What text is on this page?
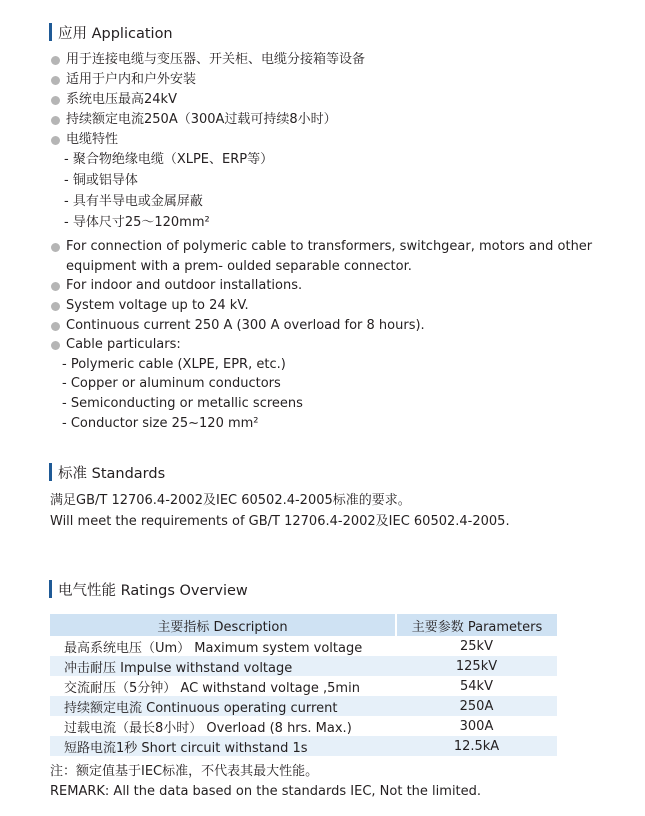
应用 Application
用于连接电缆与变压器、开关柜、电缆分接箱等设备
适用于户内和户外安装
系统电压最高24kV
持续额定电流250A（300A过载可持续8小时）
电缆特性
- 聚合物绝缘电缆（XLPE、ERP等）
- 铜或铝导体
- 具有半导电或金属屏蔽
- 导体尺寸25～120mm²
For connection of polymeric cable to transformers, switchgear, motors and other
equipment with a prem- oulded separable connector.
For indoor and outdoor installations.
System voltage up to 24 kV.
Continuous current 250 A (300 A overload for 8 hours).
Cable particulars:
- Polymeric cable (XLPE, EPR, etc.)
- Copper or aluminum conductors
- Semiconducting or metallic screens
- Conductor size 25~120 mm²
标准 Standards
满足GB/T 12706.4-2002及IEC 60502.4-2005标准的要求。
Will meet the requirements of GB/T 12706.4-2002及IEC 60502.4-2005.
电气性能 Ratings Overview
主要指标 Description	主要参数 Parameters
最高系统电压（Um） Maximum system voltage	25kV
冲击耐压 Impulse withstand voltage	125kV
交流耐压（5分钟） AC withstand voltage ,5min	54kV
持续额定电流 Continuous operating current	250A
过载电流（最长8小时） Overload (8 hrs. Max.)	300A
短路电流1秒 Short circuit withstand 1s	12.5kA
注：额定值基于IEC标准，不代表其最大性能。
REMARK: All the data based on the standards IEC, Not the limited.
